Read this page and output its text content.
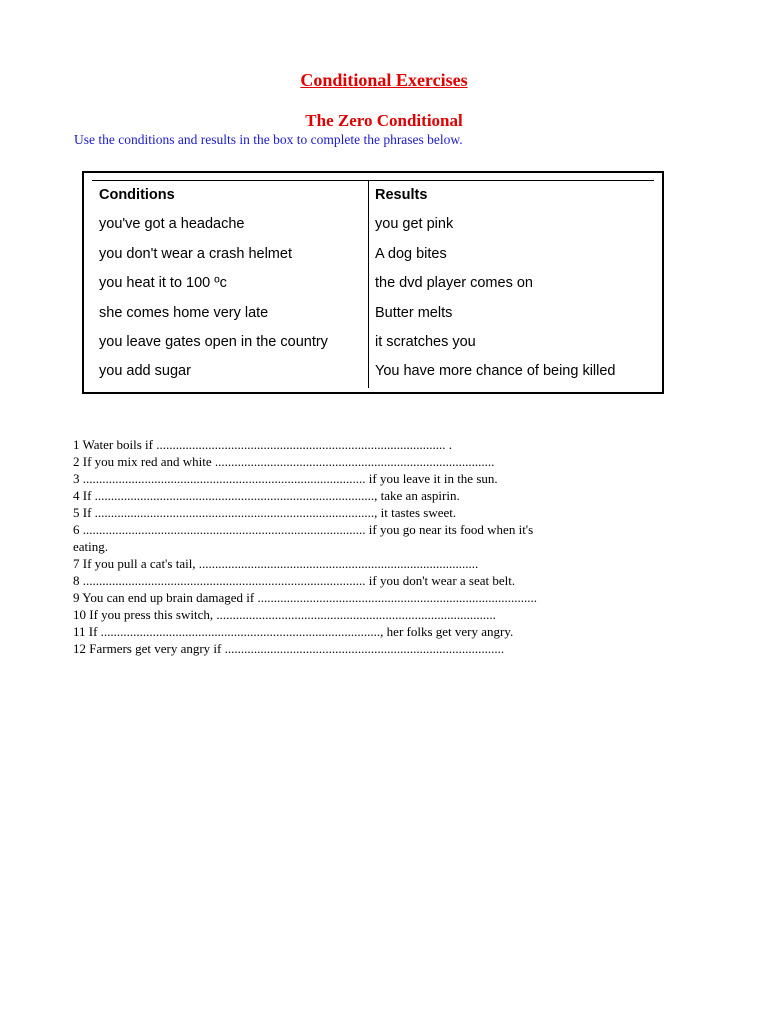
Conditional Exercises
The Zero Conditional

Use the conditions and results in the box to complete the phrases below.

Conditions
you've got a headache
you don't wear a crash helmet
you heat it to 100 ºc
she comes home very late
you leave gates open in the country
you add sugar
Results
you get pink
A dog bites
the dvd player comes on
Butter melts
it scratches you
You have more chance of being killed
1 Water boils if ......................................................................................... .
2 If you mix red and white ......................................................................................
3 ....................................................................................... if you leave it in the sun.
4 If ......................................................................................, take an aspirin.
5 If ......................................................................................, it tastes sweet.
6 ....................................................................................... if you go near its food when it's
eating.
7 If you pull a cat's tail, ......................................................................................
8 ....................................................................................... if you don't wear a seat belt.
9 You can end up brain damaged if ......................................................................................
10 If you press this switch, ......................................................................................
11 If ......................................................................................, her folks get very angry.
12 Farmers get very angry if ......................................................................................
